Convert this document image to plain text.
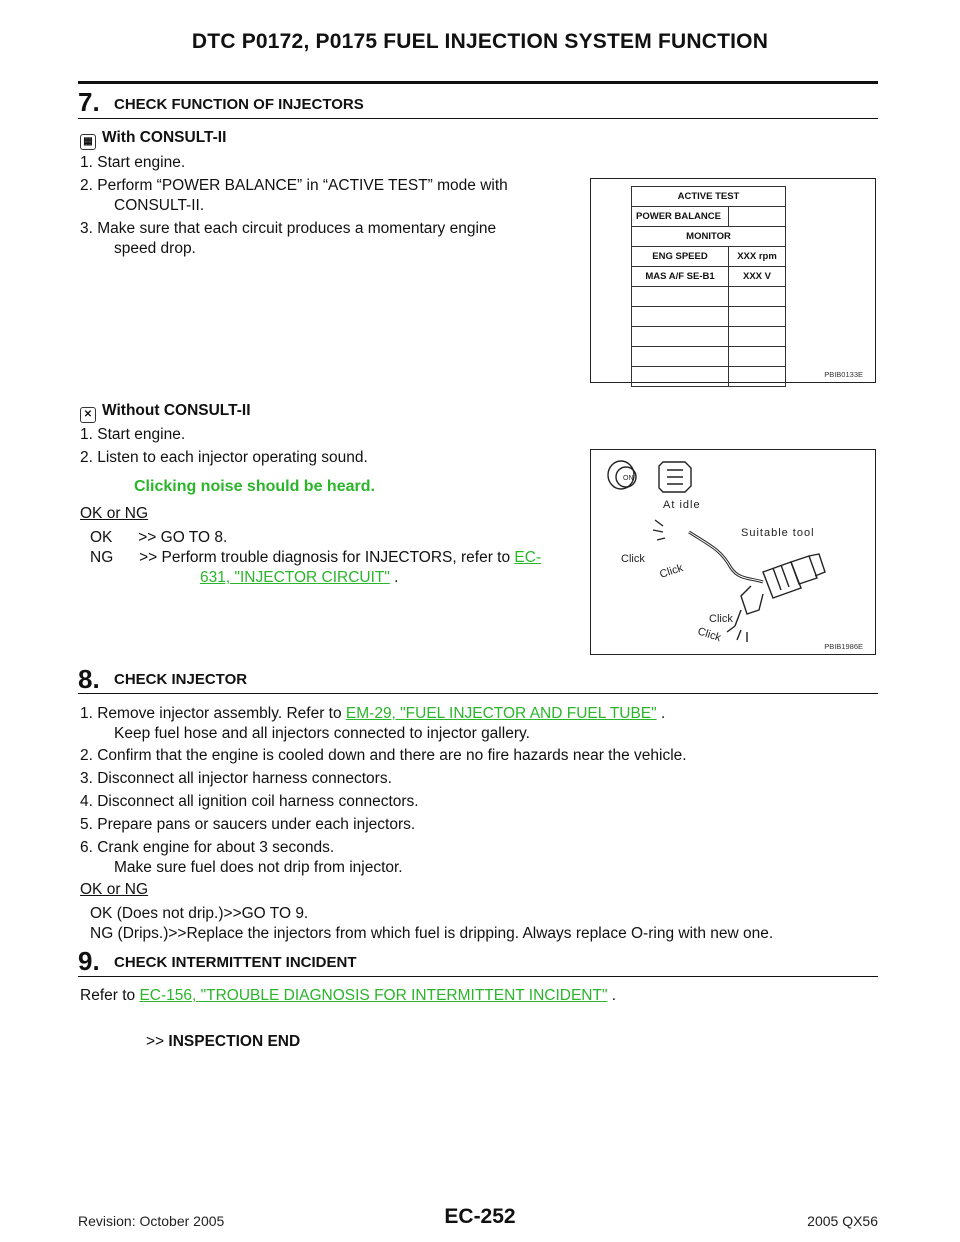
DTC P0172, P0175 FUEL INJECTION SYSTEM FUNCTION
7. CHECK FUNCTION OF INJECTORS
▦ With CONSULT-II
1. Start engine.
2. Perform “POWER BALANCE” in “ACTIVE TEST” mode with
CONSULT-II.
3. Make sure that each circuit produces a momentary engine
speed drop.
ACTIVE TEST	
POWER BALANCE	
MONITOR	
ENG SPEED	XXX rpm
MAS A/F SE-B1	XXX V

PBIB0133E
✕ Without CONSULT-II
1. Start engine.
2. Listen to each injector operating sound.
Clicking noise should be heard.
OK or NG
OK      >> GO TO 8.
NG      >> Perform trouble diagnosis for INJECTORS, refer to EC-
631, "INJECTOR CIRCUIT" .
ON
At idle
Suitable tool
Click
Click
Click
Click
PBIB1986E
8. CHECK INJECTOR
1. Remove injector assembly. Refer to EM-29, "FUEL INJECTOR AND FUEL TUBE" .
Keep fuel hose and all injectors connected to injector gallery.
2. Confirm that the engine is cooled down and there are no fire hazards near the vehicle.
3. Disconnect all injector harness connectors.
4. Disconnect all ignition coil harness connectors.
5. Prepare pans or saucers under each injectors.
6. Crank engine for about 3 seconds.
Make sure fuel does not drip from injector.
OK or NG
OK (Does not drip.)>>GO TO 9.
NG (Drips.)>>Replace the injectors from which fuel is dripping. Always replace O-ring with new one.
9. CHECK INTERMITTENT INCIDENT
Refer to EC-156, "TROUBLE DIAGNOSIS FOR INTERMITTENT INCIDENT" .
>> INSPECTION END
Revision: October 2005	EC-252	2005 QX56
